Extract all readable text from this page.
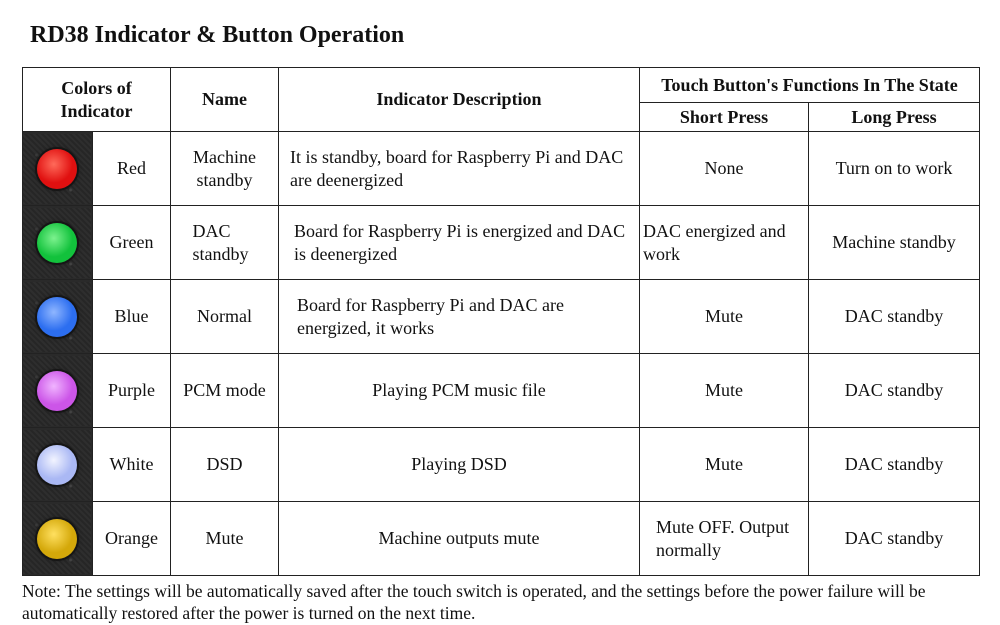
RD38 Indicator & Button Operation
Colors of Indicator		Name	Indicator Description	Touch Button's Functions In The State	
				Short Press	Long Press

	Red	Machine standby	It is standby, board for Raspberry Pi and DAC are deenergized	None	Turn on to work

	Green	DAC standby	Board for Raspberry Pi is energized and DAC is deenergized	DAC energized and work	Machine standby

	Blue	Normal	Board for Raspberry Pi and DAC are energized, it works	Mute	DAC standby

	Purple	PCM mode	Playing PCM music file	Mute	DAC standby

	White	DSD	Playing DSD	Mute	DAC standby

	Orange	Mute	Machine outputs mute	Mute OFF. Output normally	DAC standby
Note: The settings will be automatically saved after the touch switch is operated, and the settings before the power failure will be automatically restored after the power is turned on the next time.
